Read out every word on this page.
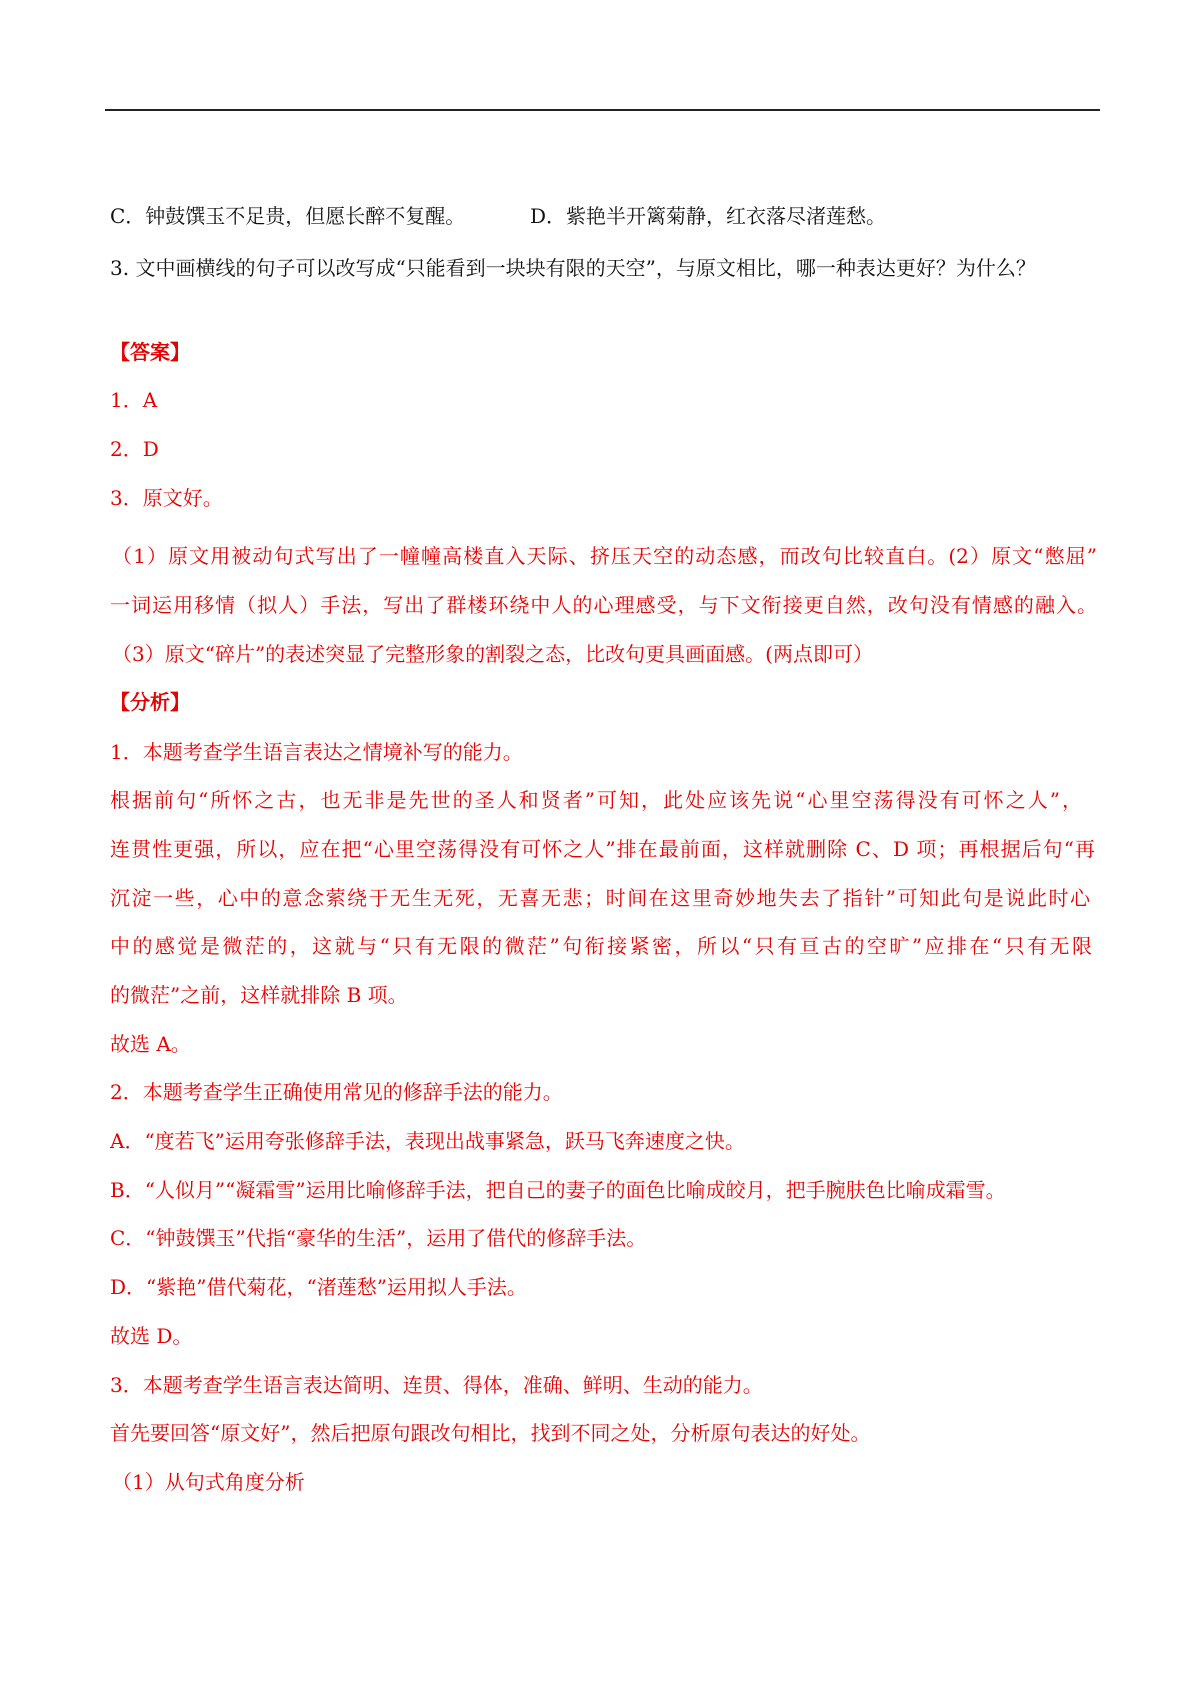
C．钟鼓馔玉不足贵，但愿长醉不复醒。	D．紫艳半开篱菊静，红衣落尽渚莲愁。
3. 文中画横线的句子可以改写成“只能看到一块块有限的天空”，与原文相比，哪一种表达更好？为什么？
【答案】
1．A
2．D
3．原文好。
（1）原文用被动句式写出了一幢幢高楼直入天际、挤压天空的动态感，而改句比较直白。(2）原文“憋屈”
一词运用移情（拟人）手法，写出了群楼环绕中人的心理感受，与下文衔接更自然，改句没有情感的融入。
（3）原文“碎片”的表述突显了完整形象的割裂之态，比改句更具画面感。(两点即可）
【分析】
1．本题考查学生语言表达之情境补写的能力。
根据前句“所怀之古，也无非是先世的圣人和贤者”可知，此处应该先说“心里空荡得没有可怀之人”，
连贯性更强，所以，应在把“心里空荡得没有可怀之人”排在最前面，这样就删除 C、D 项；再根据后句“再
沉淀一些，心中的意念萦绕于无生无死，无喜无悲；时间在这里奇妙地失去了指针”可知此句是说此时心
中的感觉是微茫的，这就与“只有无限的微茫”句衔接紧密，所以“只有亘古的空旷”应排在“只有无限
的微茫”之前，这样就排除 B 项。
故选 A。
2．本题考查学生正确使用常见的修辞手法的能力。
A．“度若飞”运用夸张修辞手法，表现出战事紧急，跃马飞奔速度之快。
B．“人似月”“凝霜雪”运用比喻修辞手法，把自己的妻子的面色比喻成皎月，把手腕肤色比喻成霜雪。
C．“钟鼓馔玉”代指“豪华的生活”，运用了借代的修辞手法。
D．“紫艳”借代菊花，“渚莲愁”运用拟人手法。
故选 D。
3．本题考查学生语言表达简明、连贯、得体，准确、鲜明、生动的能力。
首先要回答“原文好”，然后把原句跟改句相比，找到不同之处，分析原句表达的好处。
（1）从句式角度分析
